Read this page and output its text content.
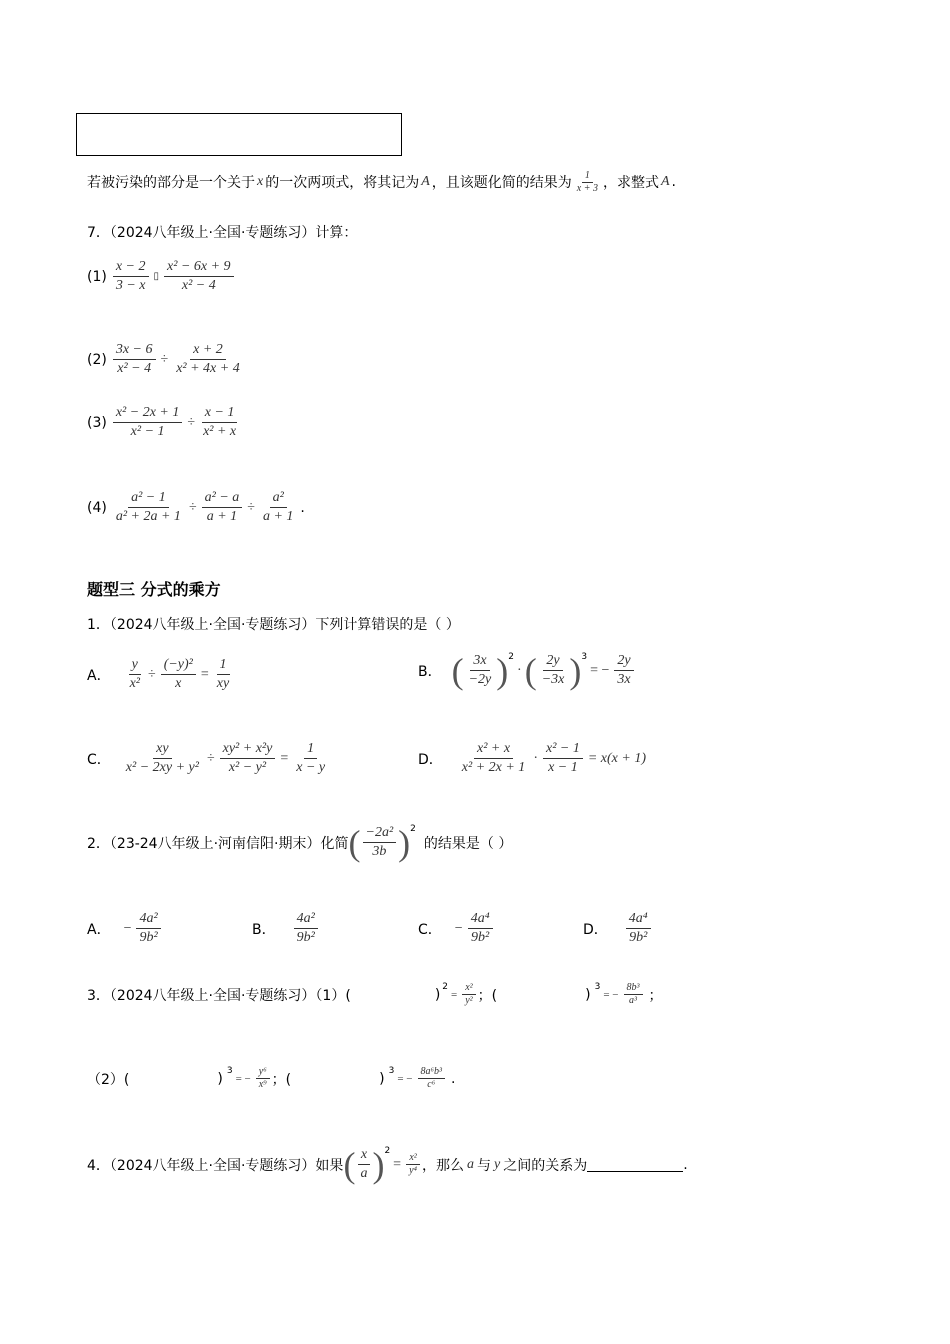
若被污染的部分是一个关于 x 的一次两项式，将其记为 A ，且该题化简的结果为 $\frac{1}{x + 3}$ ，求整式 A .
7．（2024八年级上·全国·专题练习）计算：
$(1) \frac{x - 2}{3 - x}$ ▯ $\frac{\text{x² − 6x + 9}}{\text{x² − 4}}$
$(2) \frac{3x - 6}{\text{x² − 4}} \div \frac{x + 2}{\text{x² + 4x + 4}}$
$(3) \frac{\text{x² − 2x + 1}}{\text{x² − 1}} \div \frac{x - 1}{\text{x² + x}}$
$(4) \frac{\text{a² − 1}}{\text{a² + 2a + 1}} \div \frac{\text{a² − a}}{a + 1} \div \frac{\text{a²}}{a + 1}$ .
题型三 分式的乘方
1．（2024八年级上·全国·专题练习）下列计算错误的是（ ）
A． $\frac{y}{\text{x²}} \div \frac{\text{(−y)²}}{x} = \frac{1}{xy}$	B． ( $\frac{3x}{-2y} )^2$
· ( $\frac{2y}{-3x} )^3$
= − $\frac{2y}{3x}$
C． $\frac{xy}{\text{x² − 2xy + y²}} \div \frac{\text{xy² + x²y}}{\text{x² − y²}} = \frac{1}{x - y}$	D． $\frac{\text{x² + x}}{\text{x² + 2x + 1}} \cdot \frac{\text{x² − 1}}{x - 1} = x(x + 1)$
2．（23-24八年级上·河南信阳·期末）化简 ( $\frac{\text{−2a²}}{3b} )^2$
的结果是（ ）
A． − $\frac{\text{4a²}}{\text{9b²}}$	B． $\frac{\text{4a²}}{\text{9b²}}$	C． − $\frac{\text{4a⁴}}{\text{9b²}}$	D． $\frac{\text{4a⁴}}{\text{9b²}}$
3．（2024八年级上·全国·专题练习）（1）(	)$^2$
= $\frac{\text{x²}}{\text{y²}}$ ；(	) $^3$
= − $\frac{\text{8b³}}{\text{a³}}$ ；
（2）(	) $^3$
= − $\frac{\text{y⁶}}{\text{x⁹}}$ ；(	) $^3$
= − $\frac{\text{8a⁶b³}}{\text{c⁶}}$ .
4．（2024八年级上·全国·专题练习）如果 ( $\frac{x}{a} )^2$
= $\frac{\text{x²}}{\text{y⁴}}$ ，那么 a 与 y 之间的关系为	.
